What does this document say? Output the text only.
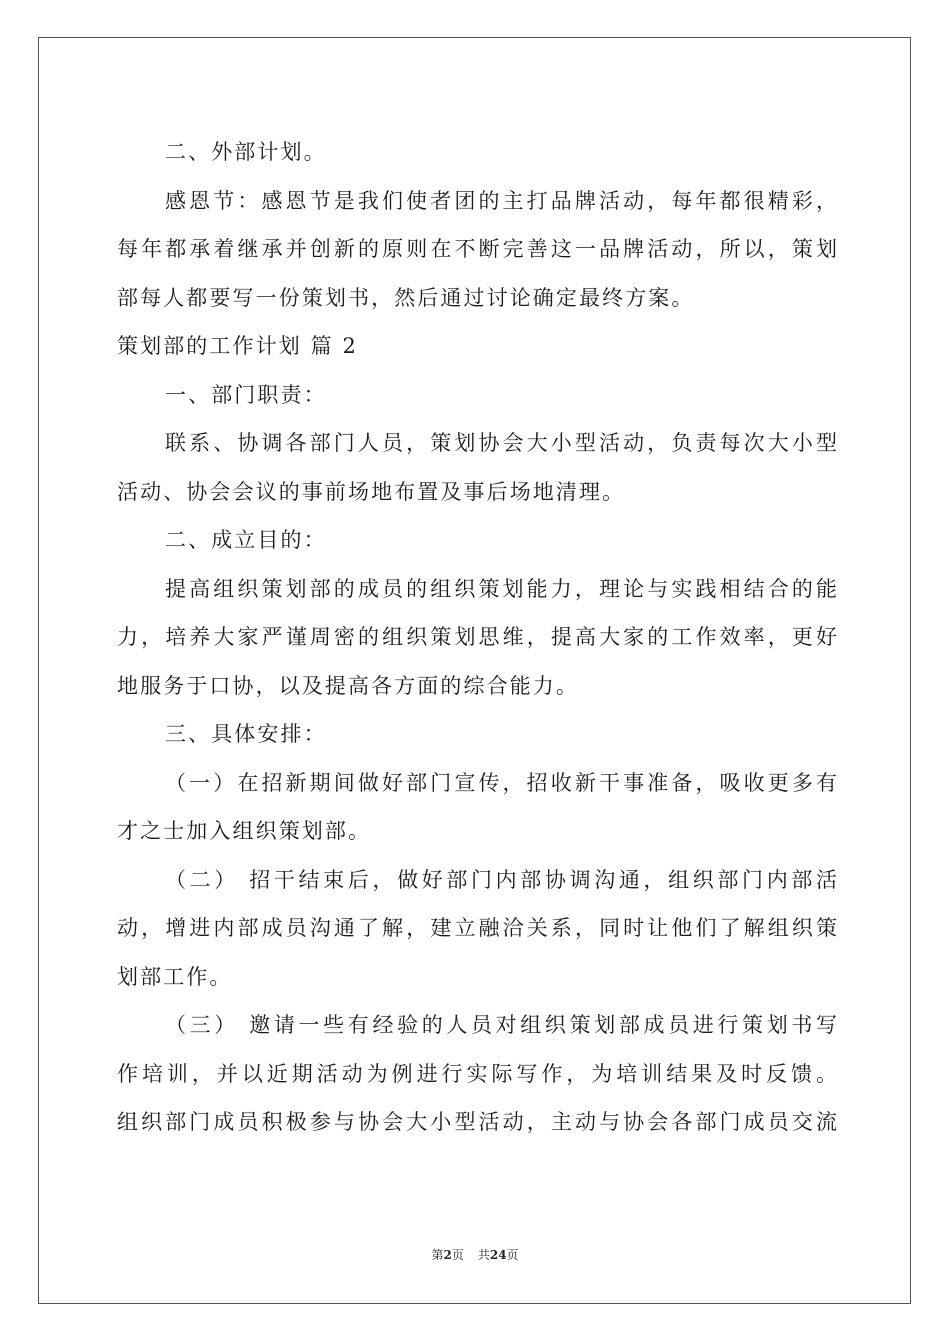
二、外部计划。
感恩节：感恩节是我们使者团的主打品牌活动，每年都很精彩，
每年都承着继承并创新的原则在不断完善这一品牌活动，所以，策划
部每人都要写一份策划书，然后通过讨论确定最终方案。
策划部的工作计划 篇 2
一、部门职责：
联系、协调各部门人员，策划协会大小型活动，负责每次大小型
活动、协会会议的事前场地布置及事后场地清理。
二、成立目的：
提高组织策划部的成员的组织策划能力，理论与实践相结合的能
力，培养大家严谨周密的组织策划思维，提高大家的工作效率，更好
地服务于口协，以及提高各方面的综合能力。
三、具体安排：
（一）在招新期间做好部门宣传，招收新干事准备，吸收更多有
才之士加入组织策划部。
（二） 招干结束后，做好部门内部协调沟通，组织部门内部活
动，增进内部成员沟通了解，建立融洽关系，同时让他们了解组织策
划部工作。
（三） 邀请一些有经验的人员对组织策划部成员进行策划书写
作培训，并以近期活动为例进行实际写作，为培训结果及时反馈。
组织部门成员积极参与协会大小型活动，主动与协会各部门成员交流
第2页 共24页
